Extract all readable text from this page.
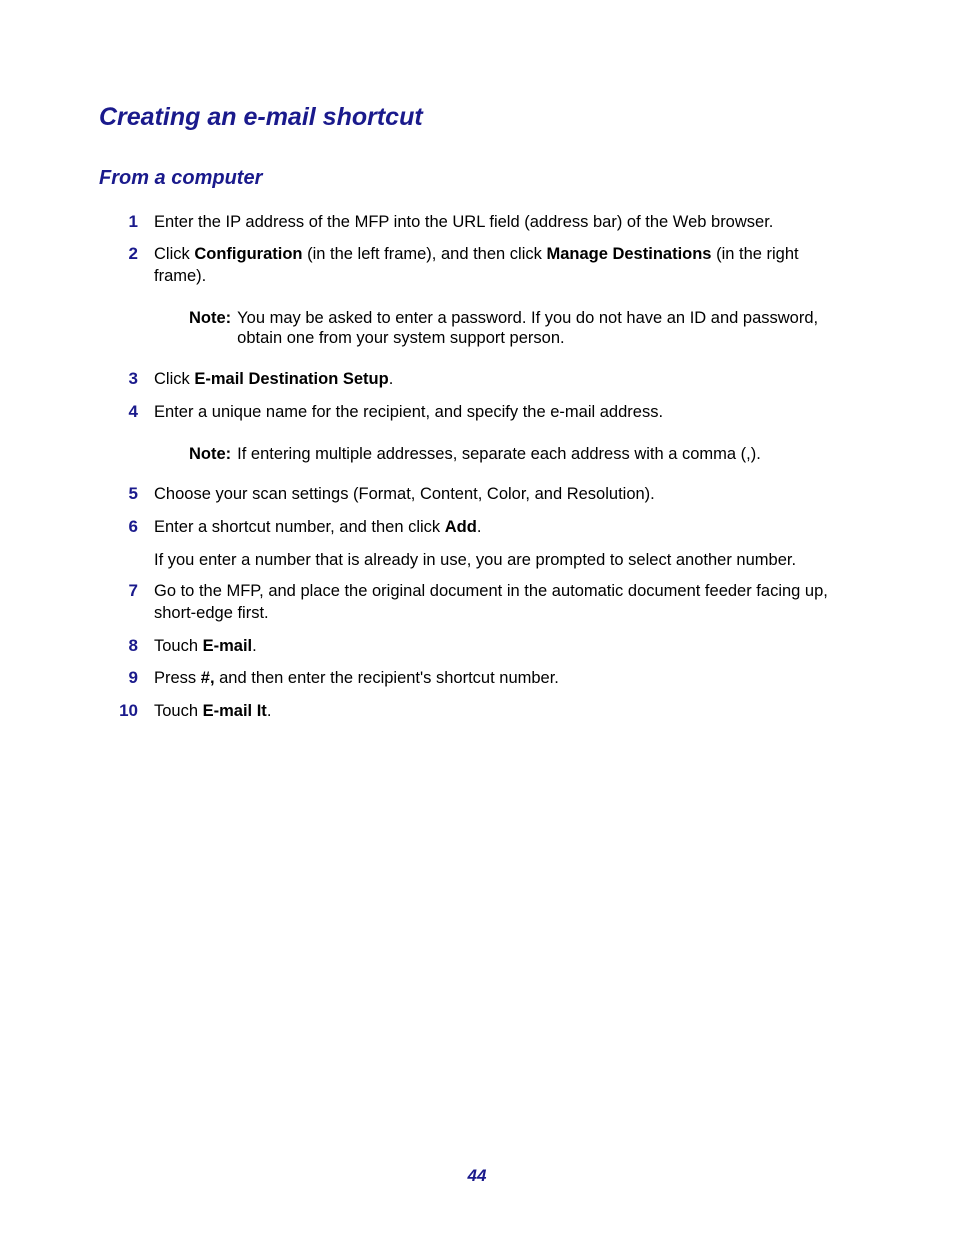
Creating an e-mail shortcut
From a computer
1 Enter the IP address of the MFP into the URL field (address bar) of the Web browser.
2 Click Configuration (in the left frame), and then click Manage Destinations (in the right frame).
Note: You may be asked to enter a password. If you do not have an ID and password, obtain one from your system support person.
3 Click E-mail Destination Setup.
4 Enter a unique name for the recipient, and specify the e-mail address.
Note: If entering multiple addresses, separate each address with a comma (,).
5 Choose your scan settings (Format, Content, Color, and Resolution).
6 Enter a shortcut number, and then click Add.
If you enter a number that is already in use, you are prompted to select another number.
7 Go to the MFP, and place the original document in the automatic document feeder facing up, short-edge first.
8 Touch E-mail.
9 Press #, and then enter the recipient's shortcut number.
10 Touch E-mail It.
44
